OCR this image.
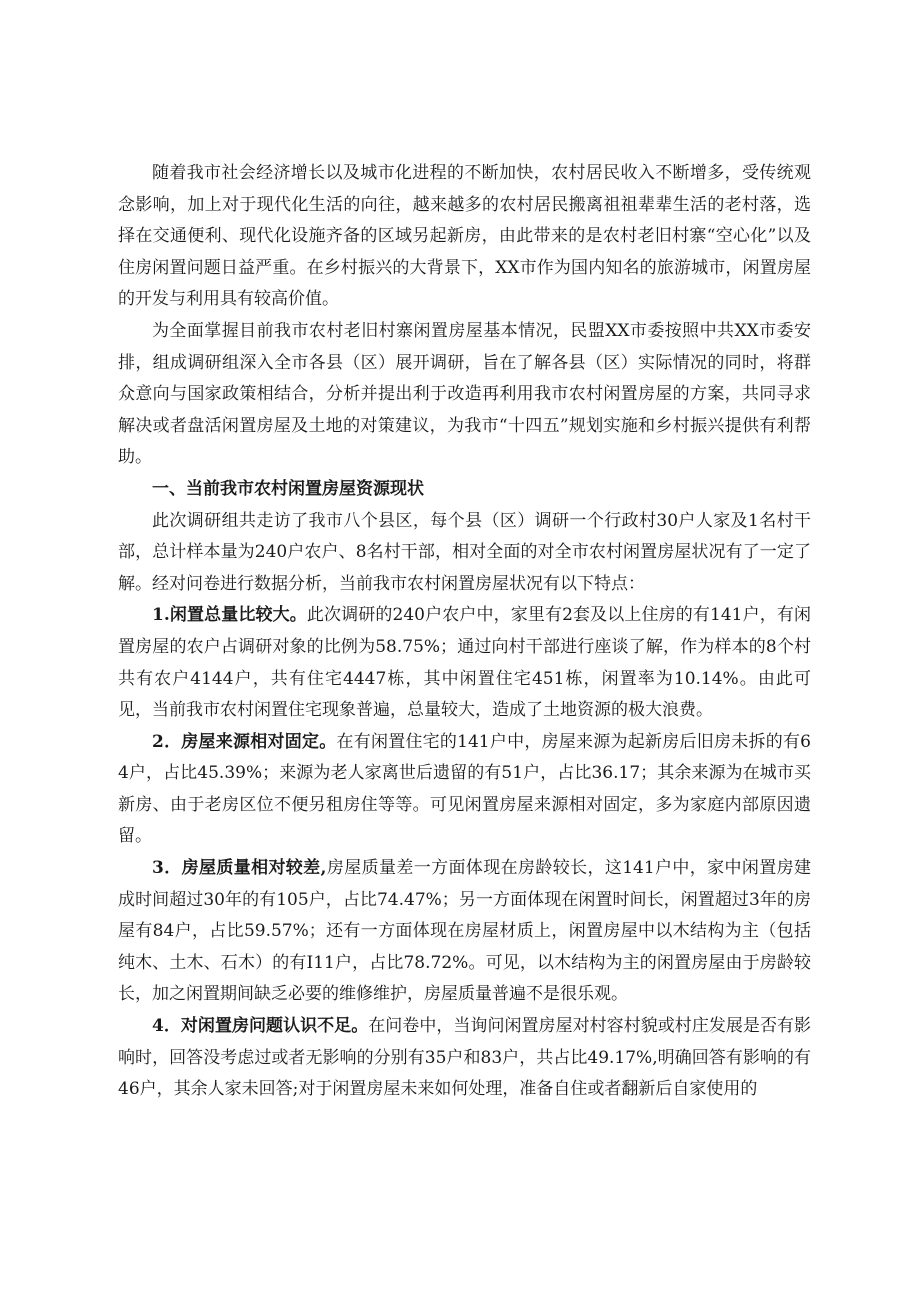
随着我市社会经济增长以及城市化进程的不断加快，农村居民收入不断增多，受传统观念影响，加上对于现代化生活的向往，越来越多的农村居民搬离祖祖辈辈生活的老村落，选择在交通便利、现代化设施齐备的区域另起新房，由此带来的是农村老旧村寨“空心化”以及住房闲置问题日益严重。在乡村振兴的大背景下，XX市作为国内知名的旅游城市，闲置房屋的开发与利用具有较高价值。

为全面掌握目前我市农村老旧村寨闲置房屋基本情况，民盟XX市委按照中共XX市委安排，组成调研组深入全市各县（区）展开调研，旨在了解各县（区）实际情况的同时，将群众意向与国家政策相结合，分析并提出利于改造再利用我市农村闲置房屋的方案，共同寻求解决或者盘活闲置房屋及土地的对策建议，为我市“十四五”规划实施和乡村振兴提供有利帮助。

一、当前我市农村闲置房屋资源现状

此次调研组共走访了我市八个县区，每个县（区）调研一个行政村30户人家及1名村干部，总计样本量为240户农户、8名村干部，相对全面的对全市农村闲置房屋状况有了一定了解。经对问卷进行数据分析，当前我市农村闲置房屋状况有以下特点：

1.闲置总量比较大。此次调研的240户农户中，家里有2套及以上住房的有141户，有闲置房屋的农户占调研对象的比例为58.75%；通过向村干部进行座谈了解，作为样本的8个村共有农户4144户，共有住宅4447栋，其中闲置住宅451栋，闲置率为10.14%。由此可见，当前我市农村闲置住宅现象普遍，总量较大，造成了土地资源的极大浪费。

2．房屋来源相对固定。在有闲置住宅的141户中，房屋来源为起新房后旧房未拆的有64户，占比45.39%；来源为老人家离世后遗留的有51户，占比36.17；其余来源为在城市买新房、由于老房区位不便另租房住等等。可见闲置房屋来源相对固定，多为家庭内部原因遗留。

3．房屋质量相对较差,房屋质量差一方面体现在房龄较长，这141户中，家中闲置房建成时间超过30年的有105户，占比74.47%；另一方面体现在闲置时间长，闲置超过3年的房屋有84户，占比59.57%；还有一方面体现在房屋材质上，闲置房屋中以木结构为主（包括纯木、土木、石木）的有I11户，占比78.72%。可见，以木结构为主的闲置房屋由于房龄较长，加之闲置期间缺乏必要的维修维护，房屋质量普遍不是很乐观。

4．对闲置房问题认识不足。在问卷中，当询问闲置房屋对村容村貌或村庄发展是否有影响时，回答没考虑过或者无影响的分别有35户和83户，共占比49.17%,明确回答有影响的有46户，其余人家未回答;对于闲置房屋未来如何处理，准备自住或者翻新后自家使用的
